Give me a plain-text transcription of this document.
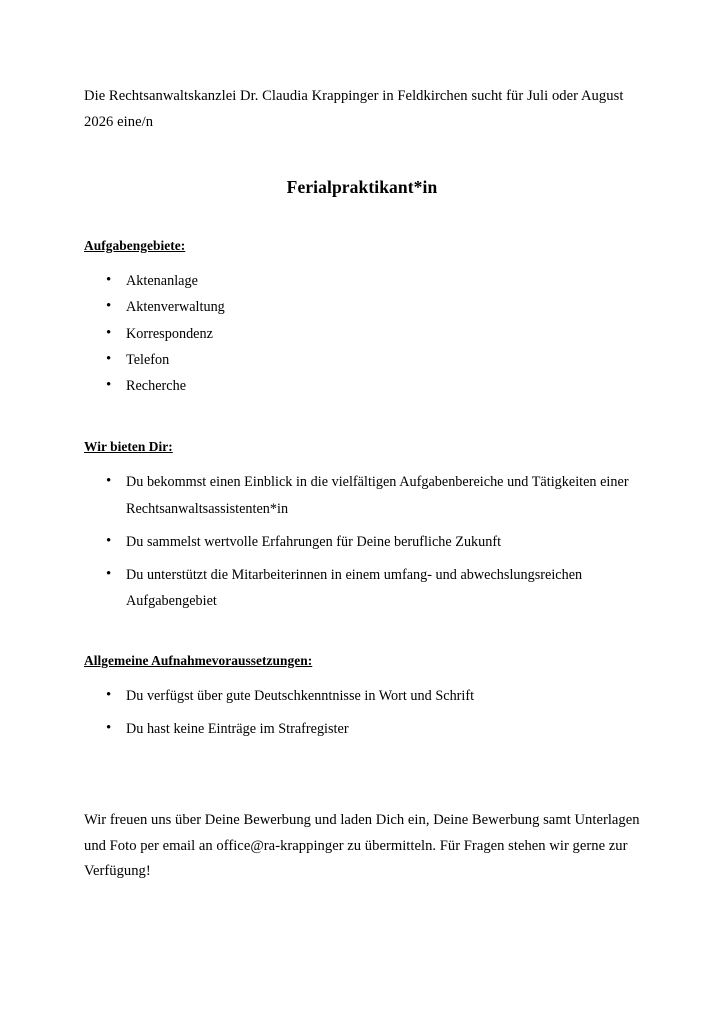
Die Rechtsanwaltskanzlei Dr. Claudia Krappinger in Feldkirchen sucht für Juli oder August 2026 eine/n

Ferialpraktikant*in
Aufgabengebiete:
• Aktenanlage
• Aktenverwaltung
• Korrespondenz
• Telefon
• Recherche
Wir bieten Dir:
• Du bekommst einen Einblick in die vielfältigen Aufgabenbereiche und Tätigkeiten einer Rechtsanwaltsassistenten*in
• Du sammelst wertvolle Erfahrungen für Deine berufliche Zukunft
• Du unterstützt die Mitarbeiterinnen in einem umfang- und abwechslungsreichen Aufgabengebiet
Allgemeine Aufnahmevoraussetzungen:
• Du verfügst über gute Deutschkenntnisse in Wort und Schrift
• Du hast keine Einträge im Strafregister

Wir freuen uns über Deine Bewerbung und laden Dich ein, Deine Bewerbung samt Unterlagen und Foto per email an office@ra-krappinger zu übermitteln. Für Fragen stehen wir gerne zur Verfügung!
